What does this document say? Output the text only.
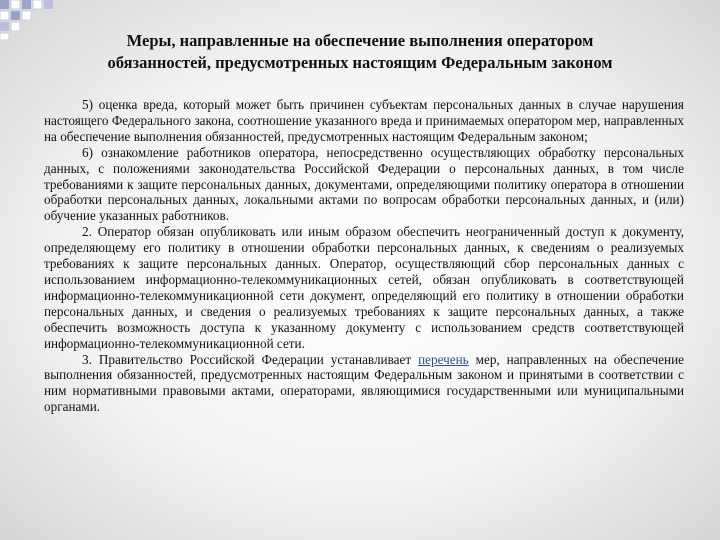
Меры, направленные на обеспечение выполнения оператором
обязанностей, предусмотренных настоящим Федеральным законом

5) оценка вреда, который может быть причинен субъектам персональных данных в случае нарушения настоящего Федерального закона, соотношение указанного вреда и принимаемых оператором мер, направленных на обеспечение выполнения обязанностей, предусмотренных настоящим Федеральным законом;

6) ознакомление работников оператора, непосредственно осуществляющих обработку персональных данных, с положениями законодательства Российской Федерации о персональных данных, в том числе требованиями к защите персональных данных, документами, определяющими политику оператора в отношении обработки персональных данных, локальными актами по вопросам обработки персональных данных, и (или) обучение указанных работников.

2. Оператор обязан опубликовать или иным образом обеспечить неограниченный доступ к документу, определяющему его политику в отношении обработки персональных данных, к сведениям о реализуемых требованиях к защите персональных данных. Оператор, осуществляющий сбор персональных данных с использованием информационно-телекоммуникационных сетей, обязан опубликовать в соответствующей информационно-телекоммуникационной сети документ, определяющий его политику в отношении обработки персональных данных, и сведения о реализуемых требованиях к защите персональных данных, а также обеспечить возможность доступа к указанному документу с использованием средств соответствующей информационно-телекоммуникационной сети.

3. Правительство Российской Федерации устанавливает перечень мер, направленных на обеспечение выполнения обязанностей, предусмотренных настоящим Федеральным законом и принятыми в соответствии с ним нормативными правовыми актами, операторами, являющимися государственными или муниципальными органами.
